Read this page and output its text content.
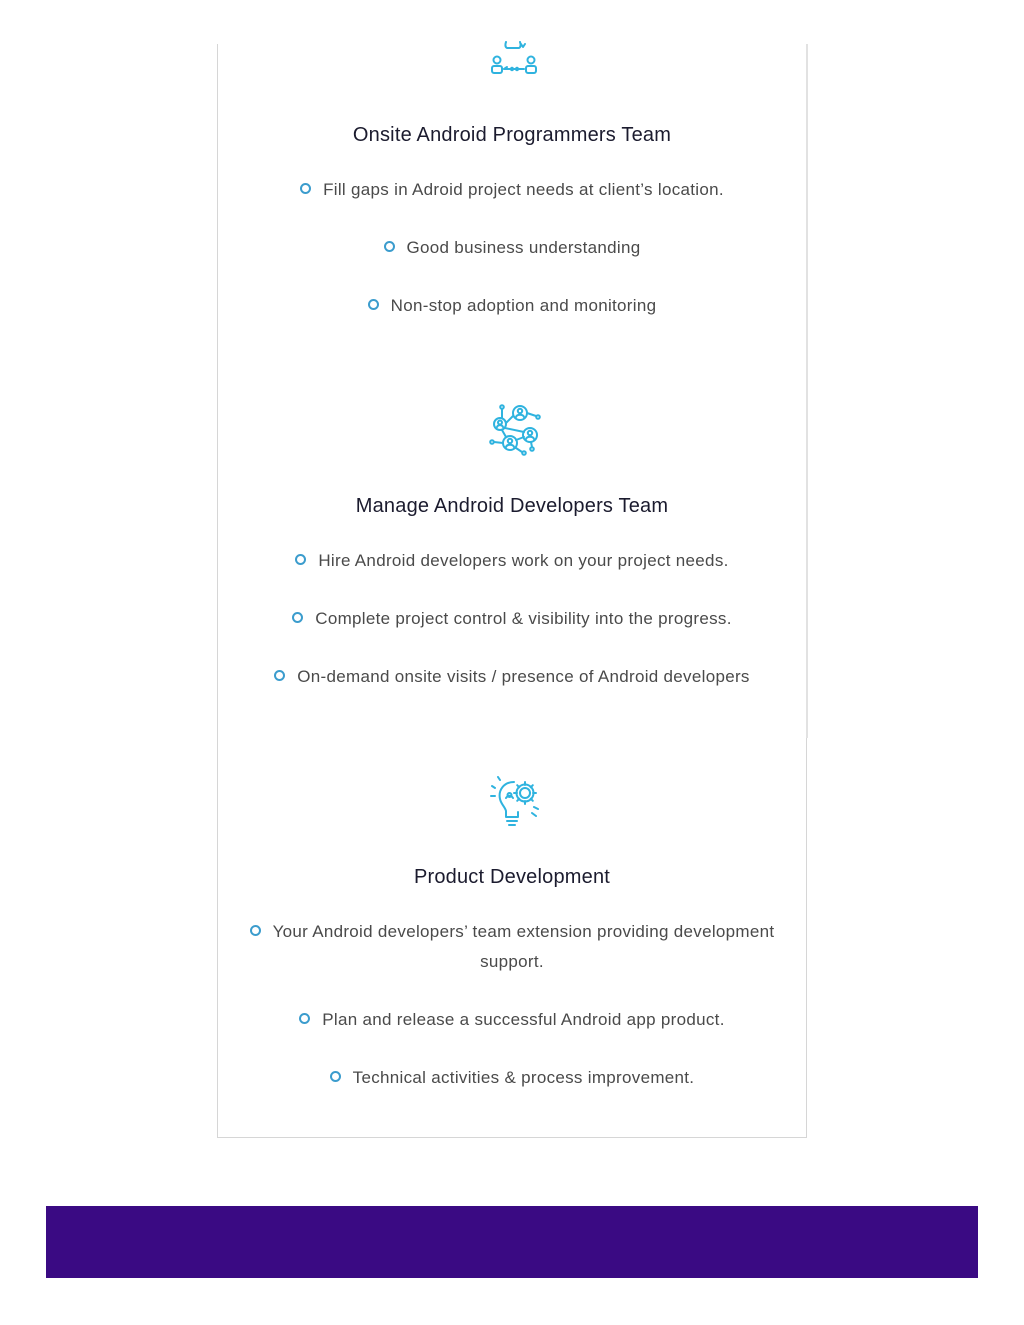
Onsite Android Programmers Team
Fill gaps in Adroid project needs at client’s location.
Good business understanding
Non-stop adoption and monitoring
Manage Android Developers Team
Hire Android developers work on your project needs.
Complete project control & visibility into the progress.
On-demand onsite visits / presence of Android developers
Product Development
Your Android developers’ team extension providing development support.
Plan and release a successful Android app product.
Technical activities & process improvement.
